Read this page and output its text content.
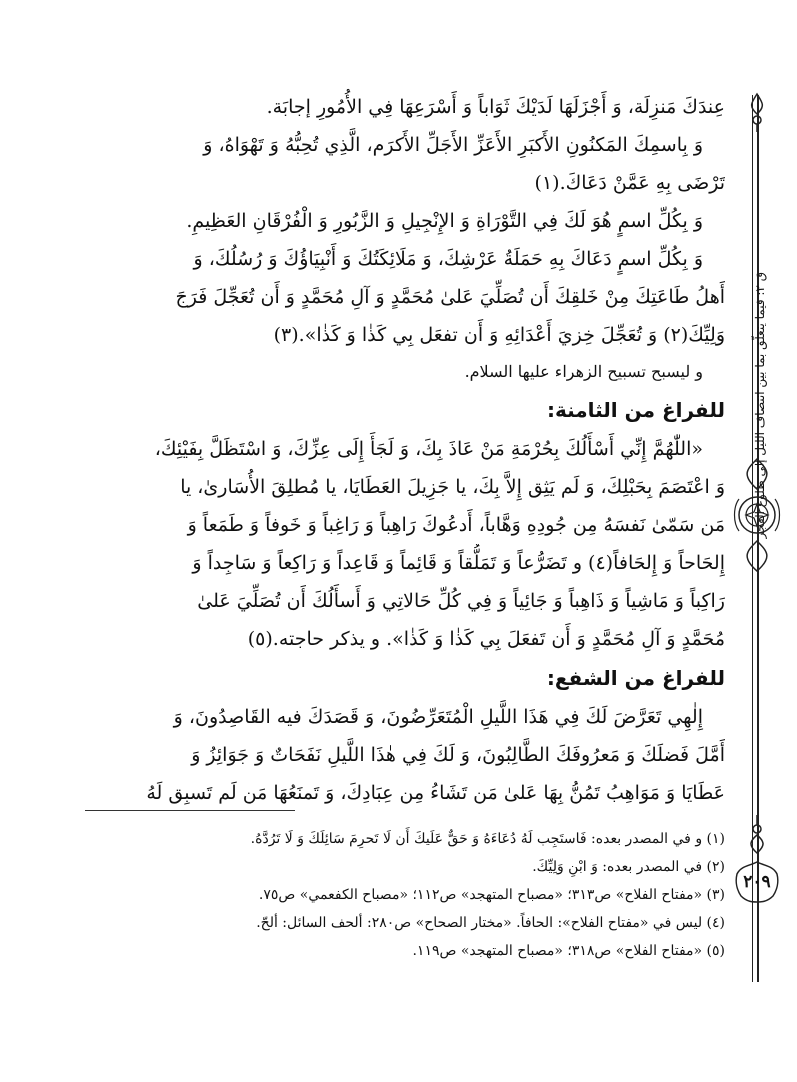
ق ٢: فيما يتعلّق بما بين انتصاف الليل إلى طلوع الفجر
٢٠٩
عِندَكَ مَنزِلَة، وَ أَجْزَلَهَا لَدَيْكَ ثَوَاباً وَ أَسْرَعِهَا فِي الأُمُورِ إجابَة.
وَ بِاسمِكَ المَكنُونِ الأَكبَرِ الأَعَزِّ الأَجَلِّ الأَكرَم، الَّذِي تُحِبُّهُ وَ تَهْوَاهُ، وَ
تَرْضَى بِهِ عَمَّنْ دَعَاكَ.(١)
وَ بِكُلِّ اسمٍ هُوَ لَكَ فِي التَّوْرَاةِ وَ الإِنْجِيلِ وَ الزَّبُورِ وَ الْفُرْقَانِ العَظِيمِ.
وَ بِكُلِّ اسمٍ دَعَاكَ بِهِ حَمَلَةُ عَرْشِكَ، وَ مَلَائِكَتُكَ وَ أَنْبِيَاؤُكَ وَ رُسُلُكَ، وَ
أَهلُ طَاعَتِكَ مِنْ خَلقِكَ أَن تُصَلِّيَ عَلىٰ مُحَمَّدٍ وَ آلِ مُحَمَّدٍ وَ أَن تُعَجِّلَ فَرَجَ
وَلِيِّكَ(٢) وَ تُعَجِّلَ خِزيَ أَعْدَائِهِ وَ أَن تفعَل بِي كَذٰا وَ كَذٰا».(٣)
و ليسبح تسبيح الزهراء عليها السلام.
للفراغ من الثامنة:
«اللّٰهُمَّ إِنِّي أَسْأَلُكَ بِحُرْمَةِ مَنْ عَاذَ بِكَ، وَ لَجَأَ إِلَى عِزِّكَ، وَ اسْتَظَلَّ بِفَيْئِكَ،
وَ اعْتَصَمَ بِحَبْلِكَ، وَ لَم يَثِق إِلاَّ بِكَ، يا جَزِيلَ العَطَايَا، يا مُطلِقَ الأُسَارىٰ، يا
مَن سَمّىٰ نَفسَهُ مِن جُودِهِ وَهَّاباً، أَدعُوكَ رَاهِباً وَ رَاغِباً وَ خَوفاً وَ طَمَعاً وَ
إِلحَاحاً وَ إِلحَافاً(٤) و تَضَرُّعاً وَ تَمَلُّقاً وَ قَائِماً وَ قَاعِداً وَ رَاكِعاً وَ سَاجِداً وَ
رَاكِباً وَ مَاشِياً وَ ذَاهِباً وَ جَائِياً وَ فِي كُلِّ حَالاتِي وَ أَسأَلُكَ أَن تُصَلِّيَ عَلىٰ
مُحَمَّدٍ وَ آلِ مُحَمَّدٍ وَ أَن تَفعَلَ بِي كَذٰا وَ كَذٰا». و يذكر حاجته.(٥)
للفراغ من الشفع:
إِلٰهِي تَعَرَّضَ لَكَ فِي هَذَا اللَّيلِ الْمُتَعَرِّضُونَ، وَ قَصَدَكَ فيه القَاصِدُونَ، وَ
أَمَّلَ فَضلَكَ وَ مَعرُوفَكَ الطَّالِبُونَ، وَ لَكَ فِي هٰذَا اللَّيلِ نَفَحَاتٌ وَ جَوَائِزُ وَ
عَطَايَا وَ مَوَاهِبُ تَمُنُّ بِهَا عَلىٰ مَن تَشَاءُ مِن عِبَادِكَ، وَ تَمنَعُهَا مَن لَم تَسبِق لَهُ
(١) و في المصدر بعده: فَاستَجِب لَهُ دُعَاءَهُ وَ حَقٌّ عَلَيكَ أَن لَا تَحرِمَ سَائِلَكَ وَ لَا تَرُدَّهُ.
(٢) في المصدر بعده: وَ ابْنِ وَلِيِّكَ.
(٣) «مفتاح الفلاح» ص٣١٣؛ «مصباح المتهجد» ص١١٢؛ «مصباح الكفعمي» ص٧٥.
(٤) ليس في «مفتاح الفلاح»: الحافاً. «مختار الصحاح» ص٢٨٠: ألحف السائل: ألحّ.
(٥) «مفتاح الفلاح» ص٣١٨؛ «مصباح المتهجد» ص١١٩.
